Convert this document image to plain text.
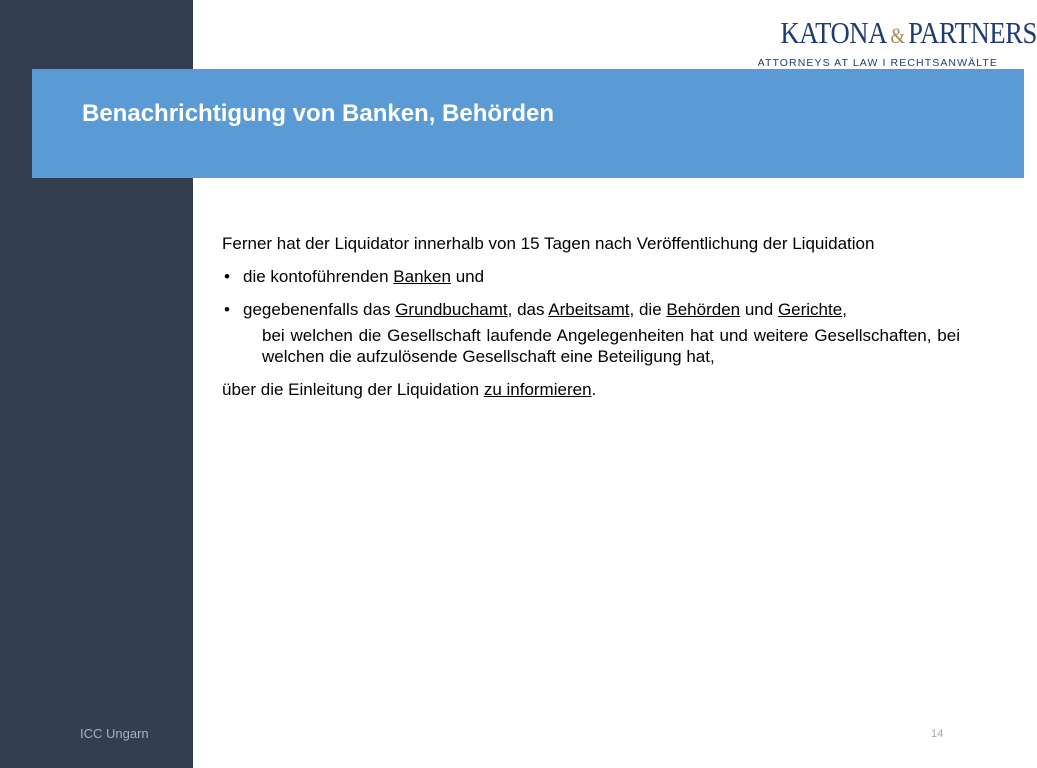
KATONA & PARTNERS
ATTORNEYS AT LAW I RECHTSANWÄLTE
Benachrichtigung von Banken, Behörden

Ferner hat der Liquidator innerhalb von 15 Tagen nach Veröffentlichung der Liquidation

• die kontoführenden Banken und

• gegebenenfalls das Grundbuchamt, das Arbeitsamt, die Behörden und Gerichte,

bei welchen die Gesellschaft laufende Angelegenheiten hat und weitere Gesellschaften, bei welchen die aufzulösende Gesellschaft eine Beteiligung hat,

über die Einleitung der Liquidation zu informieren.

ICC Ungarn	14
